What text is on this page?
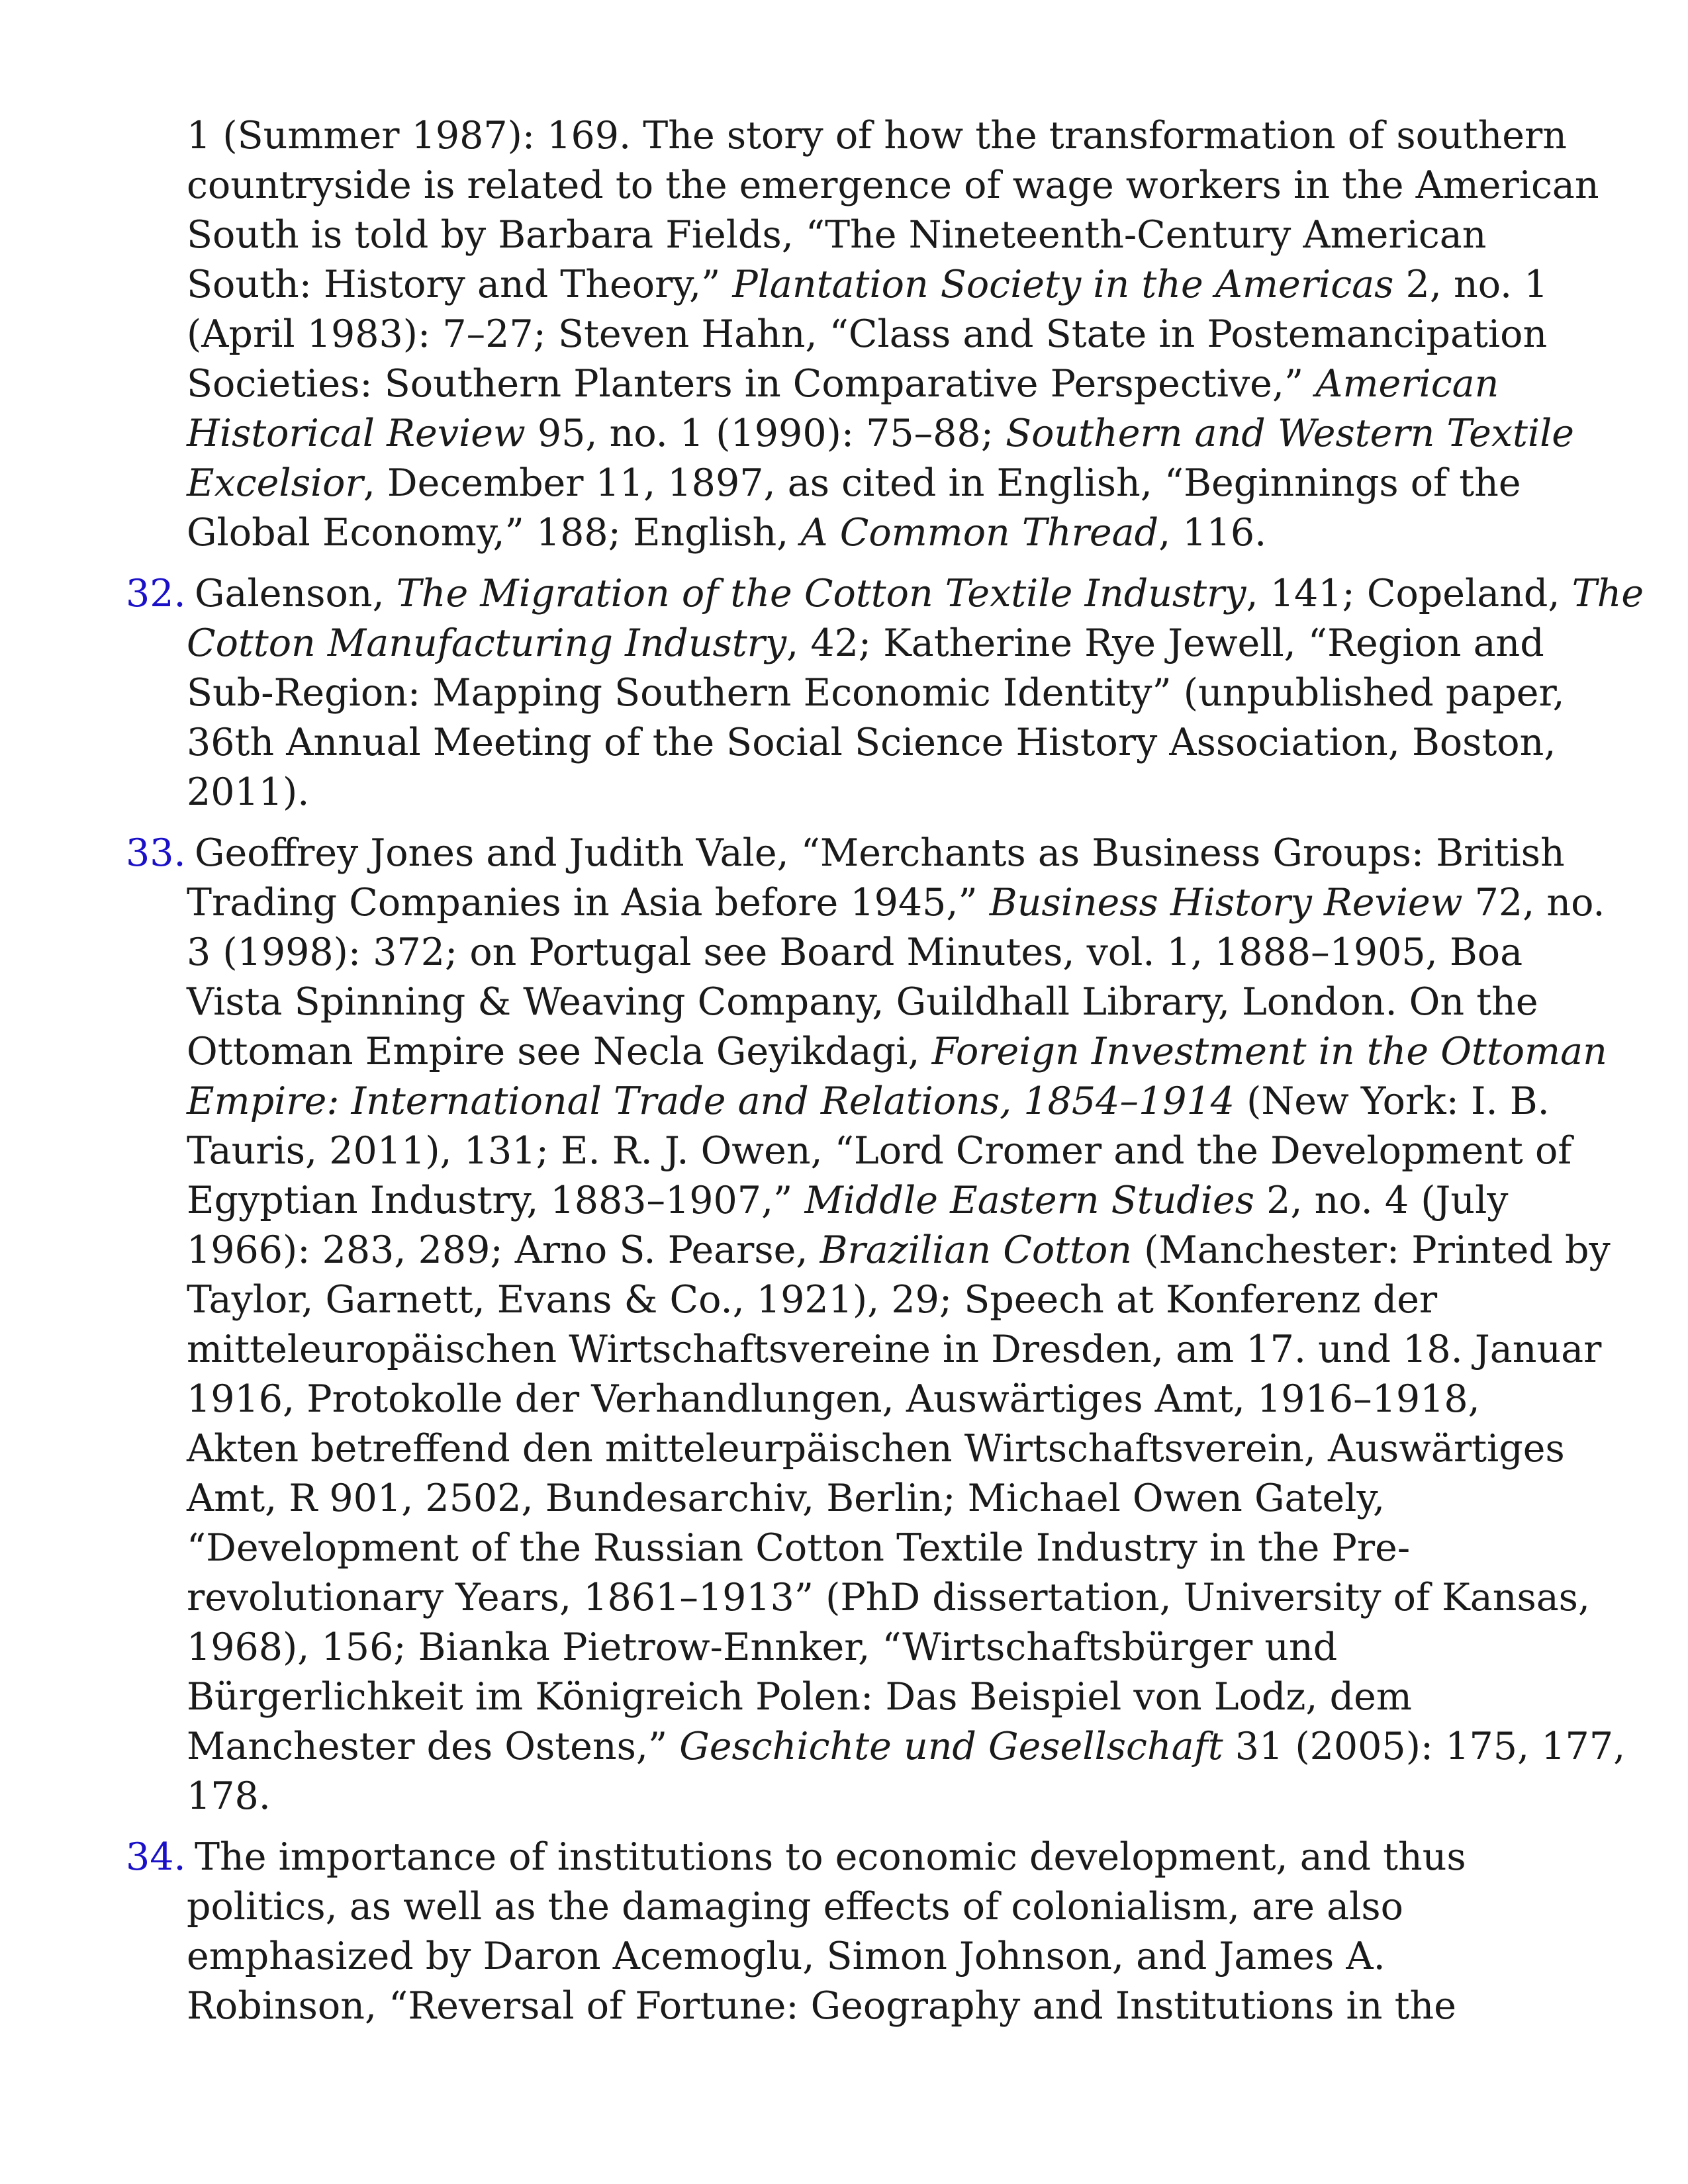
1 (Summer 1987): 169. The story of how the transformation of southern
countryside is related to the emergence of wage workers in the American
South is told by Barbara Fields, “The Nineteenth-Century American
South: History and Theory,” Plantation Society in the Americas 2, no. 1
(April 1983): 7–27; Steven Hahn, “Class and State in Postemancipation
Societies: Southern Planters in Comparative Perspective,” American
Historical Review 95, no. 1 (1990): 75–88; Southern and Western Textile
Excelsior, December 11, 1897, as cited in English, “Beginnings of the
Global Economy,” 188; English, A Common Thread, 116.
32. Galenson, The Migration of the Cotton Textile Industry, 141; Copeland, The
Cotton Manufacturing Industry, 42; Katherine Rye Jewell, “Region and
Sub-Region: Mapping Southern Economic Identity” (unpublished paper,
36th Annual Meeting of the Social Science History Association, Boston,
2011).
33. Geoffrey Jones and Judith Vale, “Merchants as Business Groups: British
Trading Companies in Asia before 1945,” Business History Review 72, no.
3 (1998): 372; on Portugal see Board Minutes, vol. 1, 1888–1905, Boa
Vista Spinning & Weaving Company, Guildhall Library, London. On the
Ottoman Empire see Necla Geyikdagi, Foreign Investment in the Ottoman
Empire: International Trade and Relations, 1854–1914 (New York: I. B.
Tauris, 2011), 131; E. R. J. Owen, “Lord Cromer and the Development of
Egyptian Industry, 1883–1907,” Middle Eastern Studies 2, no. 4 (July
1966): 283, 289; Arno S. Pearse, Brazilian Cotton (Manchester: Printed by
Taylor, Garnett, Evans & Co., 1921), 29; Speech at Konferenz der
mitteleuropäischen Wirtschaftsvereine in Dresden, am 17. und 18. Januar
1916, Protokolle der Verhandlungen, Auswärtiges Amt, 1916–1918,
Akten betreffend den mitteleurpäischen Wirtschaftsverein, Auswärtiges
Amt, R 901, 2502, Bundesarchiv, Berlin; Michael Owen Gately,
“Development of the Russian Cotton Textile Industry in the Pre-
revolutionary Years, 1861–1913” (PhD dissertation, University of Kansas,
1968), 156; Bianka Pietrow-Ennker, “Wirtschaftsbürger und
Bürgerlichkeit im Königreich Polen: Das Beispiel von Lodz, dem
Manchester des Ostens,” Geschichte und Gesellschaft 31 (2005): 175, 177,
178.
34. The importance of institutions to economic development, and thus
politics, as well as the damaging effects of colonialism, are also
emphasized by Daron Acemoglu, Simon Johnson, and James A.
Robinson, “Reversal of Fortune: Geography and Institutions in the
